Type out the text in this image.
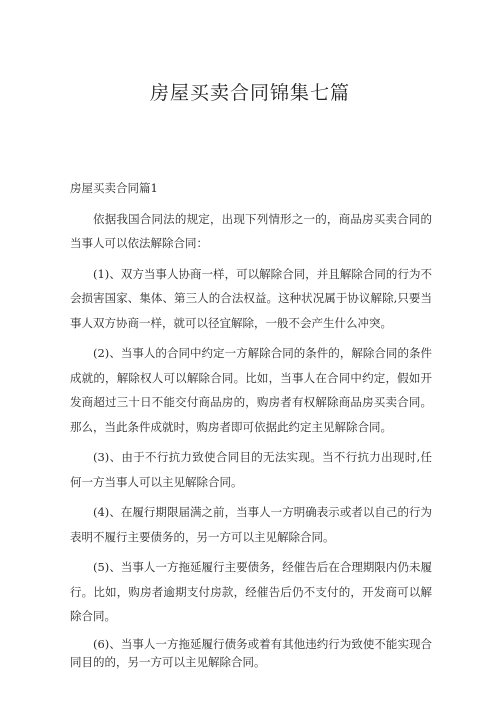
房屋买卖合同锦集七篇

房屋买卖合同篇1

依据我国合同法的规定，出现下列情形之一的，商品房买卖合同的当事人可以依法解除合同：

(1)、双方当事人协商一样，可以解除合同，并且解除合同的行为不会损害国家、集体、第三人的合法权益。这种状况属于协议解除,只要当事人双方协商一样，就可以径宜解除，一般不会产生什么冲突。

(2)、当事人的合同中约定一方解除合同的条件的，解除合同的条件成就的，解除权人可以解除合同。比如，当事人在合同中约定，假如开发商超过三十日不能交付商品房的，购房者有权解除商品房买卖合同。那么，当此条件成就时，购房者即可依据此约定主见解除合同。

(3)、由于不行抗力致使合同目的无法实现。当不行抗力出现时,任何一方当事人可以主见解除合同。

(4)、在履行期限届满之前，当事人一方明确表示或者以自己的行为表明不履行主要债务的，另一方可以主见解除合同。

(5)、当事人一方拖延履行主要债务，经催告后在合理期限内仍未履行。比如，购房者逾期支付房款，经催告后仍不支付的，开发商可以解除合同。

(6)、当事人一方拖延履行债务或着有其他违约行为致使不能实现合同目的的，另一方可以主见解除合同。
